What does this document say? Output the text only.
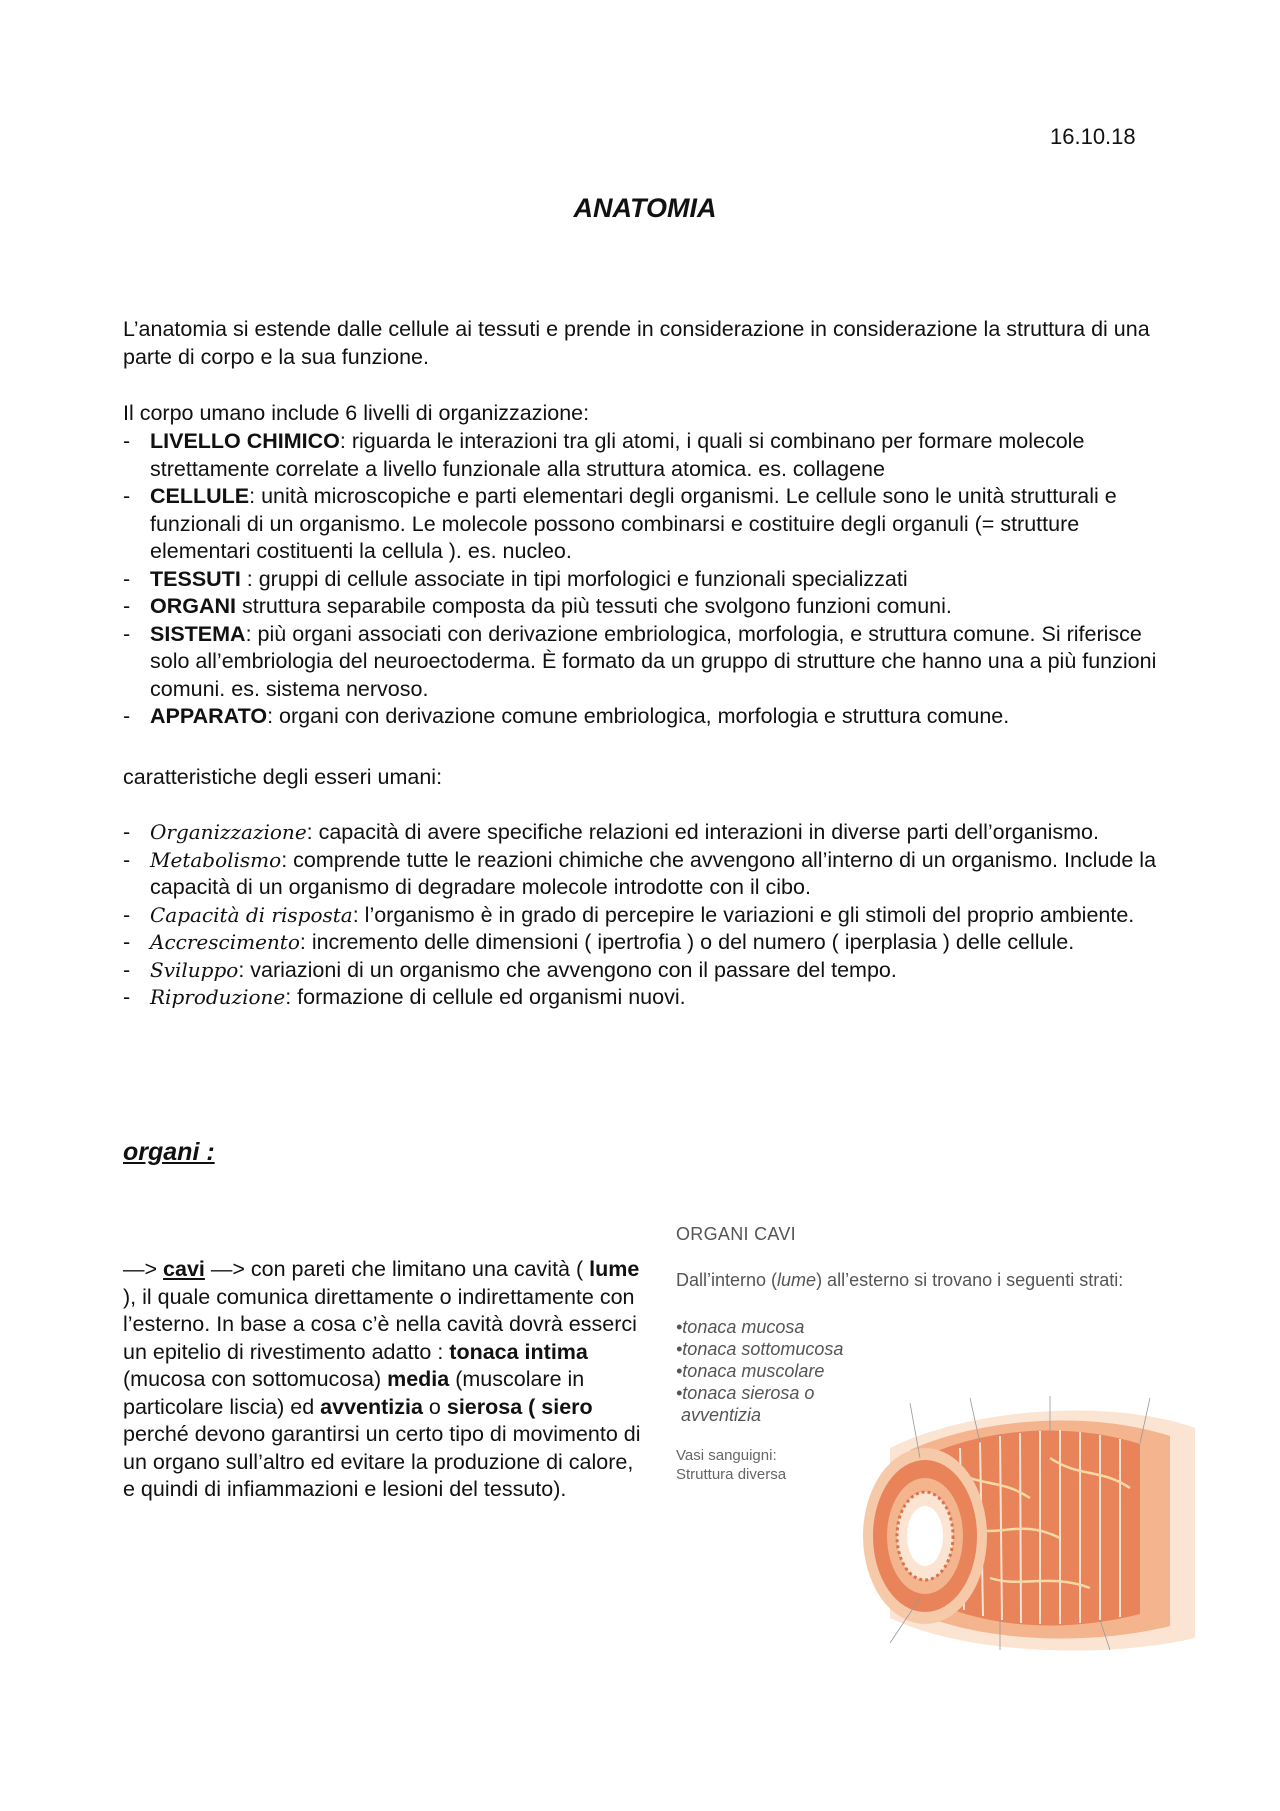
16.10.18
ANATOMIA
L’anatomia si estende dalle cellule ai tessuti e prende in considerazione in considerazione la struttura di una parte di corpo e la sua funzione.
Il corpo umano include 6 livelli di organizzazione:
- LIVELLO CHIMICO: riguarda le interazioni tra gli atomi, i quali si combinano per formare molecole strettamente correlate a livello funzionale alla struttura atomica. es. collagene
- CELLULE: unità microscopiche e parti elementari degli organismi. Le cellule sono le unità strutturali e funzionali di un organismo. Le molecole possono combinarsi e costituire degli organuli (= strutture elementari costituenti la cellula ). es. nucleo.
- TESSUTI : gruppi di cellule associate in tipi morfologici e funzionali specializzati
- ORGANI struttura separabile composta da più tessuti che svolgono funzioni comuni.
- SISTEMA: più organi associati con derivazione embriologica, morfologia, e struttura comune. Si riferisce solo all’embriologia del neuroectoderma. È formato da un gruppo di strutture che hanno una a più funzioni comuni. es. sistema nervoso.
- APPARATO: organi con derivazione comune embriologica, morfologia e struttura comune.
caratteristiche degli esseri umani:
- Organizzazione: capacità di avere specifiche relazioni ed interazioni in diverse parti dell’organismo.
- Metabolismo: comprende tutte le reazioni chimiche che avvengono all’interno di un organismo. Include la capacità di un organismo di degradare molecole introdotte con il cibo.
- Capacità di risposta: l’organismo è in grado di percepire le variazioni e gli stimoli del proprio ambiente.
- Accrescimento: incremento delle dimensioni ( ipertrofia ) o del numero ( iperplasia ) delle cellule.
- Sviluppo: variazioni di un organismo che avvengono con il passare del tempo.
- Riproduzione: formazione di cellule ed organismi nuovi.
organi :
—> cavi —> con pareti che limitano una cavità ( lume ), il quale comunica direttamente o indirettamente con l’esterno. In base a cosa c’è nella cavità dovrà esserci un epitelio di rivestimento adatto : tonaca intima (mucosa con sottomucosa) media (muscolare in particolare liscia) ed avventizia o sierosa ( siero perché devono garantirsi un certo tipo di movimento di un organo sull’altro ed evitare la produzione di calore, e quindi di infiammazioni e lesioni del tessuto).
ORGANI CAVI
Dall’interno (lume) all’esterno si trovano i seguenti strati:
•tonaca mucosa
•tonaca sottomucosa
•tonaca muscolare
•tonaca sierosa o
avventizia
Vasi sanguigni: Struttura diversa
